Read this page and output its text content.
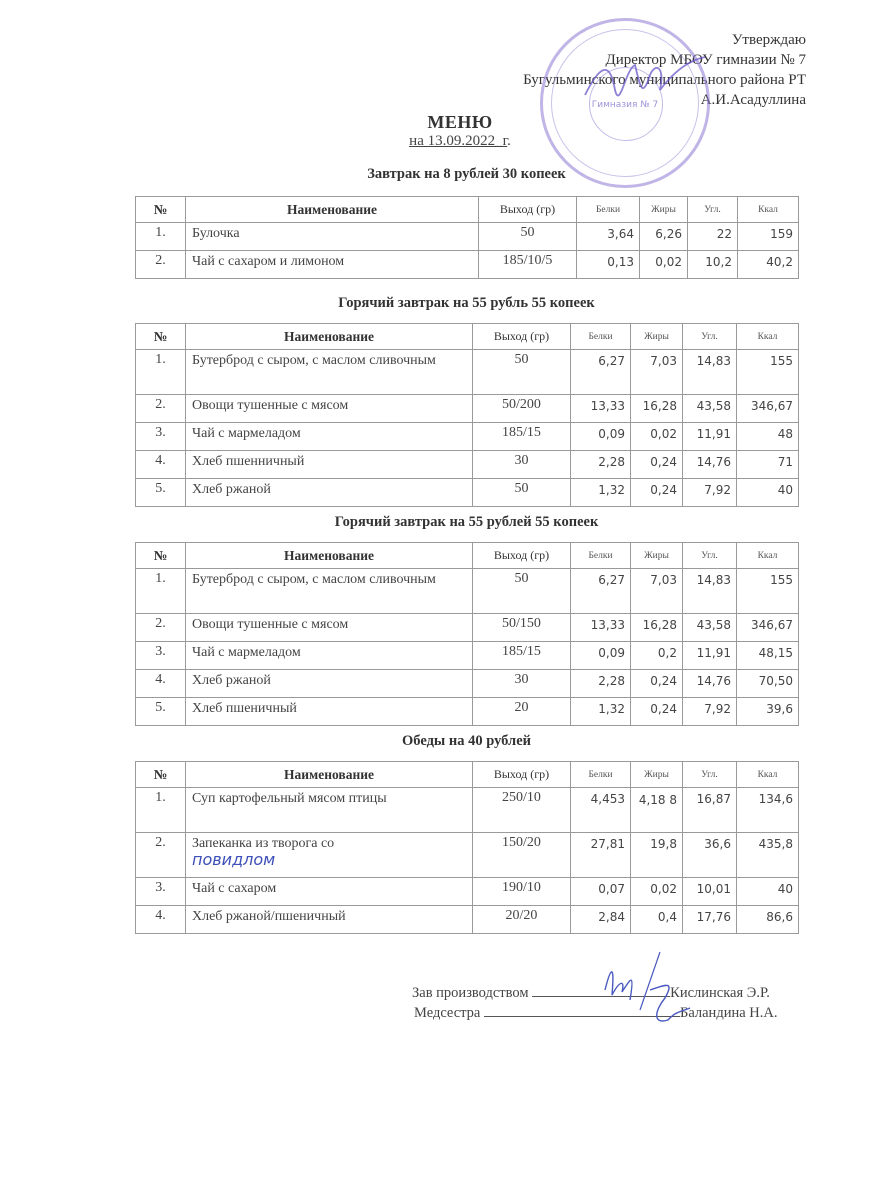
Утверждаю
Директор МБОУ гимназии № 7
Бугульминского муниципального района РТ
А.И.Асадуллина
Гимназия № 7
МЕНЮ
на 13.09.2022_г.
Завтрак на 8 рублей 30 копеек
№	Наименование	Выход (гр)	Белки	Жиры	Угл.	Ккал
1.	Булочка	50	3,64	6,26	22	159
2.	Чай с сахаром и лимоном	185/10/5	0,13	0,02	10,2	40,2
Горячий завтрак на 55 рубль 55 копеек
№	Наименование	Выход (гр)	Белки	Жиры	Угл.	Ккал
1.	Бутерброд с сыром, с маслом сливочным	50	6,27	7,03	14,83	155
2.	Овощи тушенные с мясом	50/200	13,33	16,28	43,58	346,67
3.	Чай с мармеладом	185/15	0,09	0,02	11,91	48
4.	Хлеб пшенничный	30	2,28	0,24	14,76	71
5.	Хлеб ржаной	50	1,32	0,24	7,92	40
Горячий завтрак на 55 рублей 55 копеек
№	Наименование	Выход (гр)	Белки	Жиры	Угл.	Ккал
1.	Бутерброд с сыром, с маслом сливочным	50	6,27	7,03	14,83	155
2.	Овощи тушенные с мясом	50/150	13,33	16,28	43,58	346,67
3.	Чай с мармеладом	185/15	0,09	0,2	11,91	48,15
4.	Хлеб ржаной	30	2,28	0,24	14,76	70,50
5.	Хлеб пшеничный	20	1,32	0,24	7,92	39,6
Обеды на 40 рублей
№	Наименование	Выход (гр)	Белки	Жиры	Угл.	Ккал
1.	Суп картофельный мясом птицы	250/10	4,453	4,18 8	16,87	134,6
2.	Запеканка из творога со
повидлом	150/20	27,81	19,8	36,6	435,8
3.	Чай с сахаром	190/10	0,07	0,02	10,01	40
4.	Хлеб ржаной/пшеничный	20/20	2,84	0,4	17,76	86,6
Зав производством	Кислинская Э.Р.
Медсестра	Баландина Н.А.
